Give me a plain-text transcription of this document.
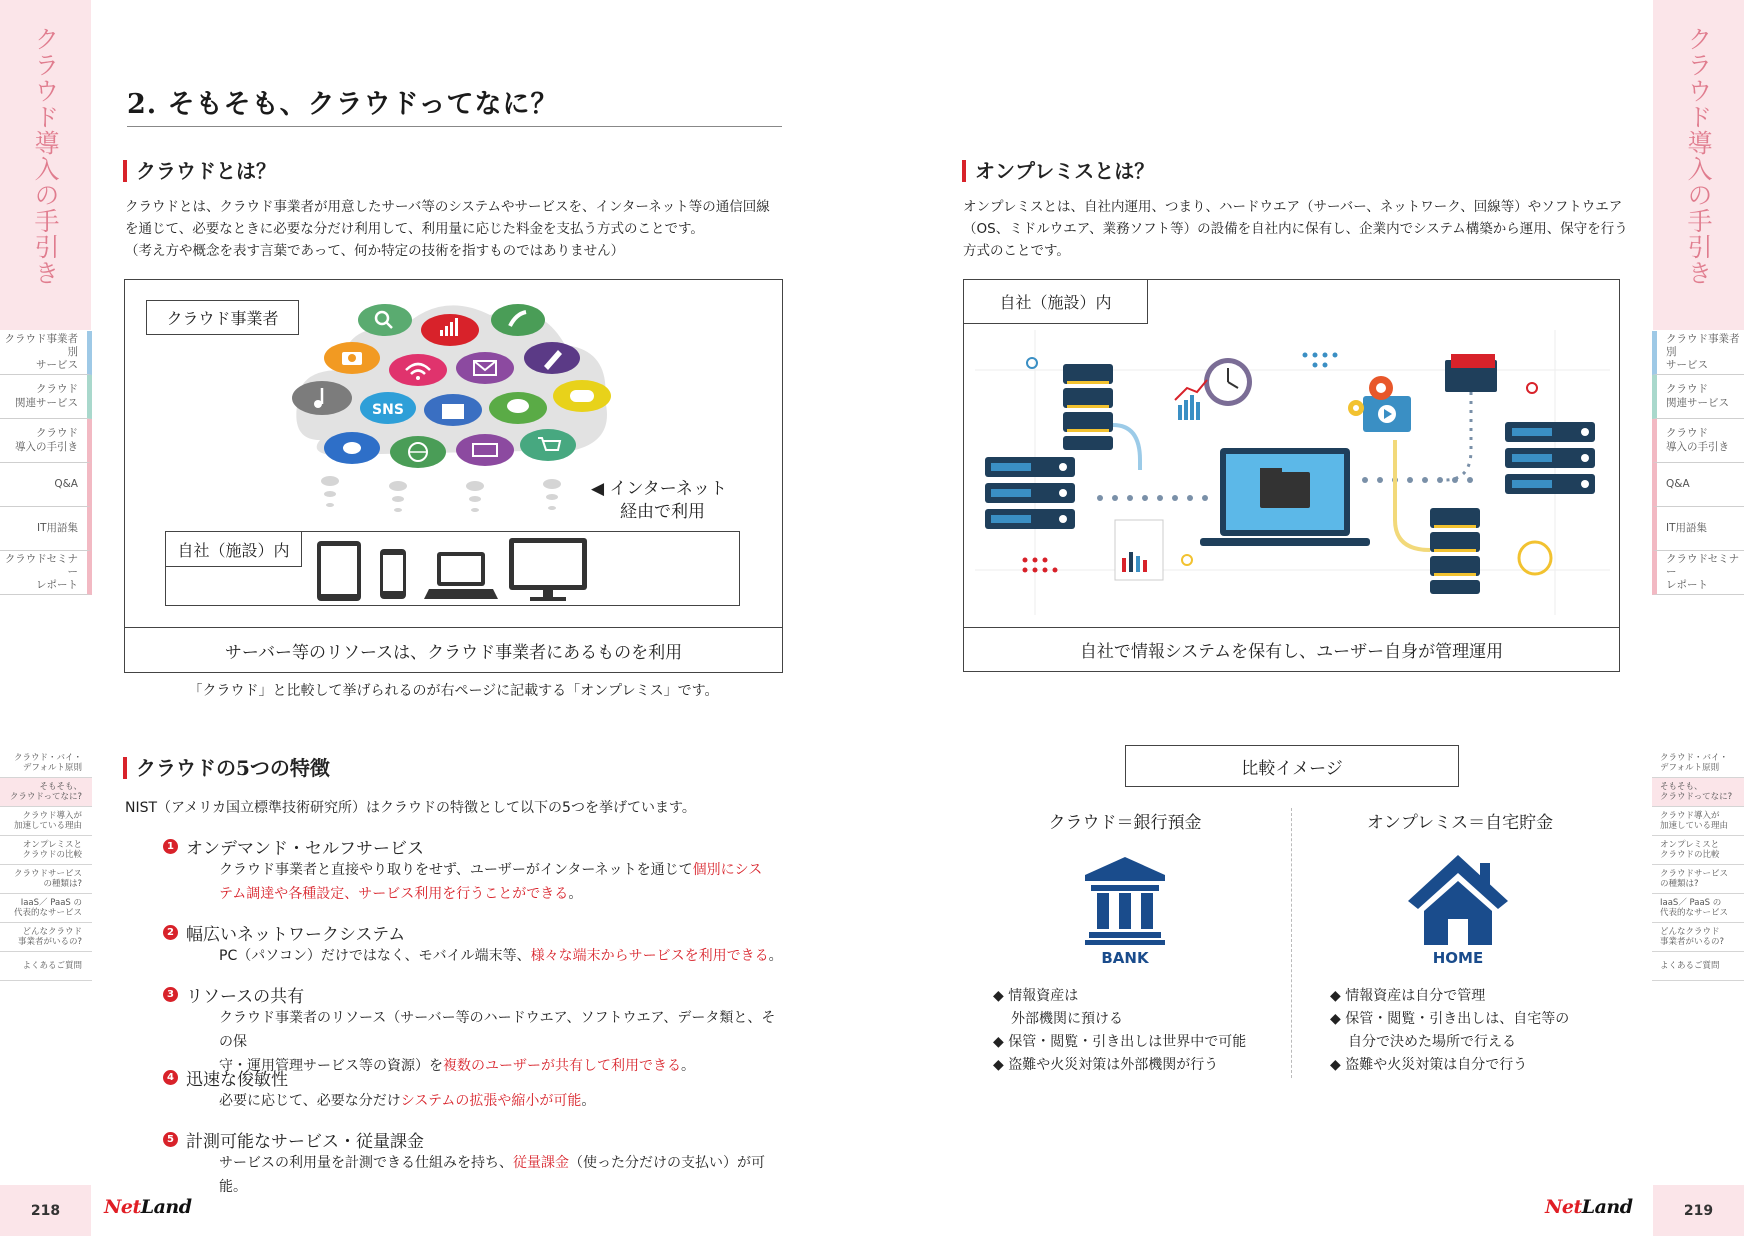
クラウド導入の手引き
クラウド事業者別
サービス
クラウド
関連サービス
クラウド
導入の手引き
Q&A
IT用語集
クラウドセミナー
レポート
クラウド・バイ・
デフォルト原則
そもそも、
クラウドってなに?
クラウド導入が
加速している理由
オンプレミスと
クラウドの比較
クラウドサービス
の種類は?
IaaS／ PaaS の
代表的なサービス
どんなクラウド
事業者がいるの?
よくあるご質問
218	NetLand
クラウド導入の手引き
クラウド事業者別
サービス
クラウド
関連サービス
クラウド
導入の手引き
Q&A
IT用語集
クラウドセミナー
レポート
クラウド・バイ・
デフォルト原則
そもそも、
クラウドってなに?
クラウド導入が
加速している理由
オンプレミスと
クラウドの比較
クラウドサービス
の種類は?
IaaS／ PaaS の
代表的なサービス
どんなクラウド
事業者がいるの?
よくあるご質問
219
NetLand
2. そもそも、クラウドってなに？
クラウドとは？
クラウドとは、クラウド事業者が用意したサーバ等のシステムやサービスを、インターネット等の通信回線
を通じて、必要なときに必要な分だけ利用して、利用量に応じた料金を支払う方式のことです。
（考え方や概念を表す言葉であって、何か特定の技術を指すものではありません）
クラウド事業者
SNS
◀ インターネット
経由で利用
自社（施設）内
サーバー等のリソースは、クラウド事業者にあるものを利用
「クラウド」と比較して挙げられるのが右ページに記載する「オンプレミス」です。
クラウドの5つの特徴
NIST（アメリカ国立標準技術研究所）はクラウドの特徴として以下の5つを挙げています。
1 オンデマンド・セルフサービス
クラウド事業者と直接やり取りをせず、ユーザーがインターネットを通じて個別にシス
テム調達や各種設定、サービス利用を行うことができる。
2 幅広いネットワークシステム
PC（パソコン）だけではなく、モバイル端末等、様々な端末からサービスを利用できる。
3 リソースの共有
クラウド事業者のリソース（サーバー等のハードウエア、ソフトウエア、データ類と、その保
守・運用管理サービス等の資源）を複数のユーザーが共有して利用できる。
4 迅速な俊敏性
必要に応じて、必要な分だけシステムの拡張や縮小が可能。
5 計測可能なサービス・従量課金
サービスの利用量を計測できる仕組みを持ち、従量課金（使った分だけの支払い）が可能。
オンプレミスとは？
オンプレミスとは、自社内運用、つまり、ハードウエア（サーバー、ネットワーク、回線等）やソフトウエア
（OS、ミドルウエア、業務ソフト等）の設備を自社内に保有し、企業内でシステム構築から運用、保守を行う
方式のことです。
自社（施設）内
自社で情報システムを保有し、ユーザー自身が管理運用
比較イメージ
クラウド＝銀行預金
BANK
◆ 情報資産は
外部機関に預ける
◆ 保管・閲覧・引き出しは世界中で可能
◆ 盗難や火災対策は外部機関が行う
オンプレミス＝自宅貯金
HOME
◆ 情報資産は自分で管理
◆ 保管・閲覧・引き出しは、自宅等の
自分で決めた場所で行える
◆ 盗難や火災対策は自分で行う
